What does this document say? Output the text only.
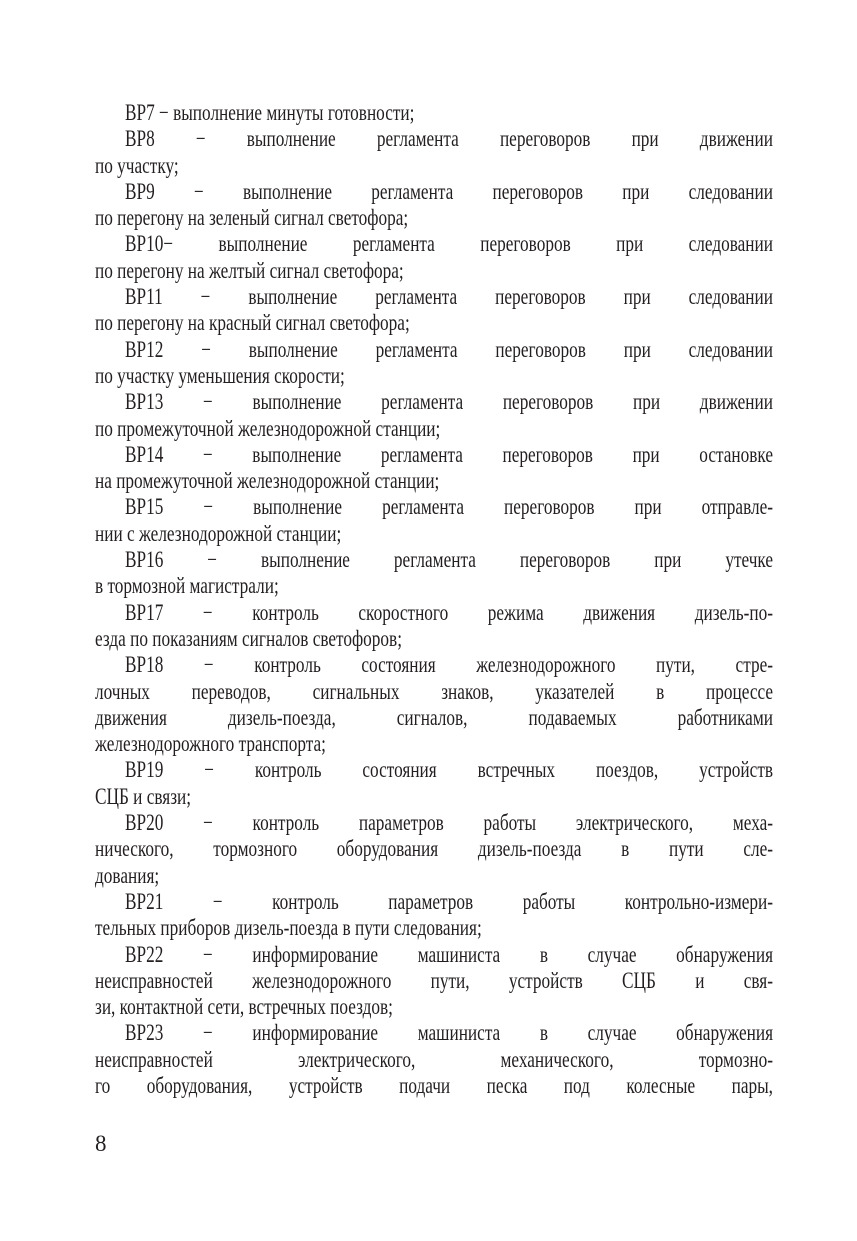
ВР7 − выполнение минуты готовности;
ВР8 − выполнение регламента переговоров при движении
по участку;
ВР9 − выполнение регламента переговоров при следовании
по перегону на зеленый сигнал светофора;
ВР10− выполнение регламента переговоров при следовании
по перегону на желтый сигнал светофора;
ВР11 − выполнение регламента переговоров при следовании
по перегону на красный сигнал светофора;
ВР12 − выполнение регламента переговоров при следовании
по участку уменьшения скорости;
ВР13 − выполнение регламента переговоров при движении
по промежуточной железнодорожной станции;
ВР14 − выполнение регламента переговоров при остановке
на промежуточной железнодорожной станции;
ВР15 − выполнение регламента переговоров при отправле-
нии с железнодорожной станции;
ВР16 − выполнение регламента переговоров при утечке
в тормозной магистрали;
ВР17 − контроль скоростного режима движения дизель-по-
езда по показаниям сигналов светофоров;
ВР18 − контроль состояния железнодорожного пути, стре-
лочных переводов, сигнальных знаков, указателей в процессе
движения дизель-поезда, сигналов, подаваемых работниками
железнодорожного транспорта;
ВР19 − контроль состояния встречных поездов, устройств
СЦБ и связи;
ВР20 − контроль параметров работы электрического, меха-
нического, тормозного оборудования дизель-поезда в пути сле-
дования;
ВР21 − контроль параметров работы контрольно-измери-
тельных приборов дизель-поезда в пути следования;
ВР22 − информирование машиниста в случае обнаружения
неисправностей железнодорожного пути, устройств СЦБ и свя-
зи, контактной сети, встречных поездов;
ВР23 − информирование машиниста в случае обнаружения
неисправностей электрического, механического, тормозно-
го оборудования, устройств подачи песка под колесные пары,
8
